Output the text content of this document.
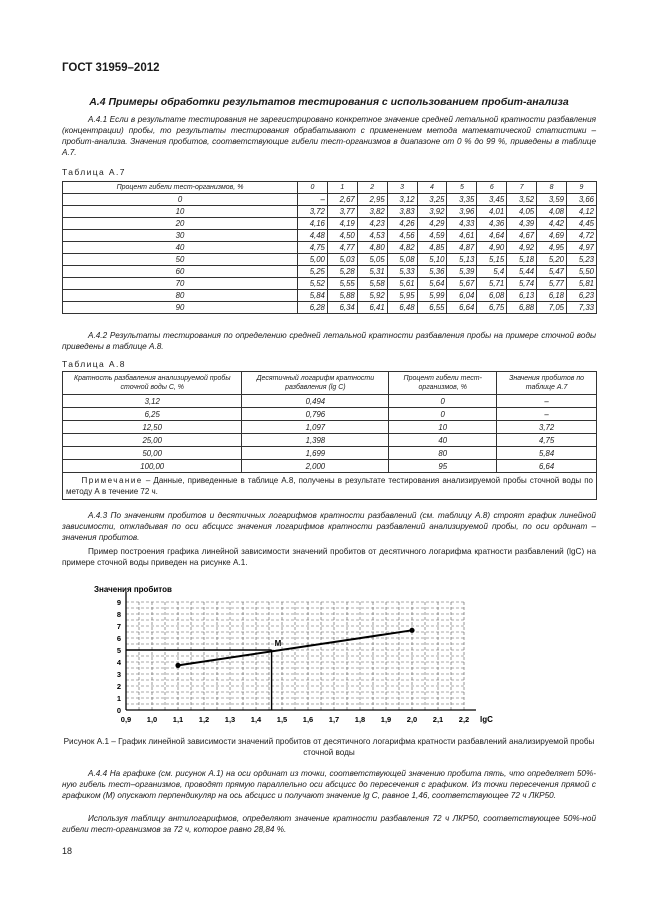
ГОСТ 31959–2012
А.4 Примеры обработки результатов тестирования с использованием пробит-анализа

А.4.1 Если в результате тестирования не зарегистрировано конкретное значение средней летальной кратности разбавления (концентрации) пробы, то результаты тестирования обрабатывают с применением метода математической статистики – пробит-анализа. Значения пробитов, соответствующие гибели тест-организмов в диапазоне от 0 % до 99 %, приведены в таблице А.7.

Таблица А.7
Процент гибели тест-организмов, %	0	1	2	3	4	5	6	7	8	9
0	–	2,67	2,95	3,12	3,25	3,35	3,45	3,52	3,59	3,66
10	3,72	3,77	3,82	3,83	3,92	3,96	4,01	4,05	4,08	4,12
20	4,16	4,19	4,23	4,26	4,29	4,33	4,36	4,39	4,42	4,45
30	4,48	4,50	4,53	4,56	4,59	4,61	4,64	4,67	4,69	4,72
40	4,75	4,77	4,80	4,82	4,85	4,87	4,90	4,92	4,95	4,97
50	5,00	5,03	5,05	5,08	5,10	5,13	5,15	5,18	5,20	5,23
60	5,25	5,28	5,31	5,33	5,36	5,39	5,4	5,44	5,47	5,50
70	5,52	5,55	5,58	5,61	5,64	5,67	5,71	5,74	5,77	5,81
80	5,84	5,88	5,92	5,95	5,99	6,04	6,08	6,13	6,18	6,23
90	6,28	6,34	6,41	6,48	6,55	6,64	6,75	6,88	7,05	7,33

А.4.2 Результаты тестирования по определению средней летальной кратности разбавления пробы на примере сточной воды приведены в таблице А.8.

Таблица А.8
Кратность разбавления анализируемой пробы сточной воды С, %	Десятичный логарифм кратности разбавления (lg C)	Процент гибели тест-организмов, %	Значения пробитов по таблице А.7
3,12	0,494	0	–
6,25	0,796	0	–
12,50	1,097	10	3,72
25,00	1,398	40	4,75
50,00	1,699	80	5,84
100,00	2,000	95	6,64
Примечание – Данные, приведенные в таблице А.8, получены в результате тестирования анализируемой пробы сточной воды по методу А в течение 72 ч.			

А.4.3 По значениям пробитов и десятичных логарифмов кратности разбавлений (см. таблицу А.8) строят график линейной зависимости, откладывая по оси абсцисс значения логарифмов кратности разбавлений анализируемой пробы, по оси ординат – значения пробитов.

Пример построения графика линейной зависимости значений пробитов от десятичного логарифма кратности разбавлений (lgC) на примере сточной воды приведен на рисунке А.1.

Значения пробитов
0,9 1,0 1,1 1,2 1,3 1,4 1,5 1,6 1,7 1,8 1,9 2,0 2,1 2,2 lgC
0
1
2
3
4
5
6
7
8
9
M
Рисунок А.1 – График линейной зависимости значений пробитов от десятичного логарифма кратности разбавлений анализируемой пробы сточной воды

А.4.4 На графике (см. рисунок А.1) на оси ординат из точки, соответствующей значению пробита пять, что определяет 50%-ную гибель тест–организмов, проводят прямую параллельно оси абсцисс до пересечения с графиком. Из точки пересечения прямой с графиком (М) опускают перпендикуляр на ось абсцисс и получают значение lg C, равное 1,46, соответствующее 72 ч ЛКР50.

Используя таблицу антилогарифмов, определяют значение кратности разбавления 72 ч ЛКР50, соответствующее 50%-ной гибели тест-организмов за 72 ч, которое равно 28,84 %.

18
